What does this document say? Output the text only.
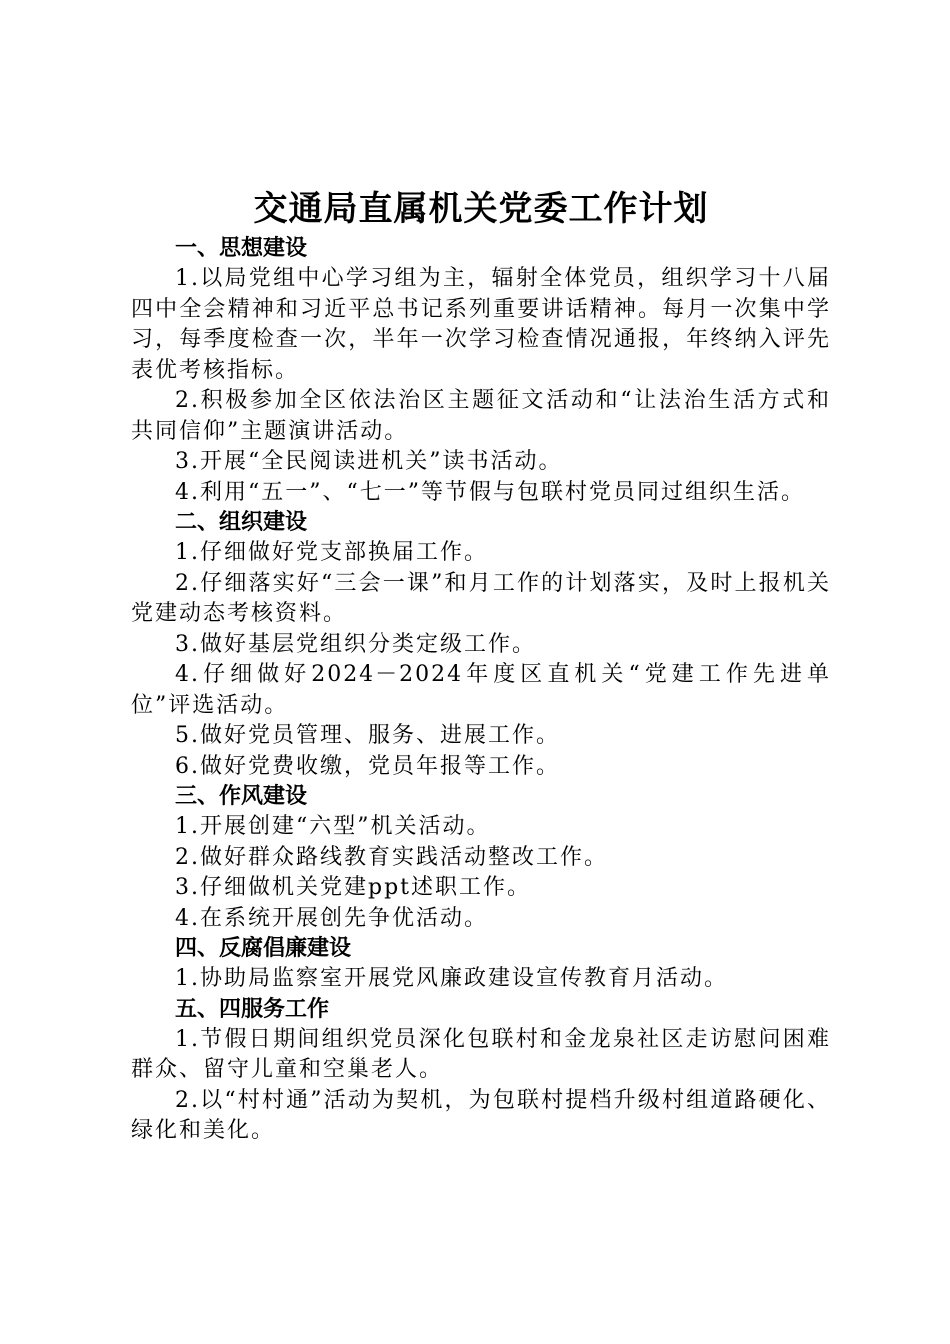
交通局直属机关党委工作计划
一、思想建设

1.以局党组中心学习组为主，辐射全体党员，组织学习十八届四中全会精神和习近平总书记系列重要讲话精神。每月一次集中学习，每季度检查一次，半年一次学习检查情况通报，年终纳入评先表优考核指标。

2.积极参加全区依法治区主题征文活动和“让法治生活方式和共同信仰”主题演讲活动。

3.开展“全民阅读进机关”读书活动。

4.利用“五一”、“七一”等节假与包联村党员同过组织生活。

二、组织建设

1.仔细做好党支部换届工作。

2.仔细落实好“三会一课”和月工作的计划落实，及时上报机关党建动态考核资料。

3.做好基层党组织分类定级工作。

4.仔细做好2024－2024年度区直机关“党建工作先进单位”评选活动。

5.做好党员管理、服务、进展工作。

6.做好党费收缴，党员年报等工作。

三、作风建设

1.开展创建“六型”机关活动。

2.做好群众路线教育实践活动整改工作。

3.仔细做机关党建ppt述职工作。

4.在系统开展创先争优活动。

四、反腐倡廉建设

1.协助局监察室开展党风廉政建设宣传教育月活动。

五、四服务工作

1.节假日期间组织党员深化包联村和金龙泉社区走访慰问困难群众、留守儿童和空巢老人。

2.以“村村通”活动为契机，为包联村提档升级村组道路硬化、绿化和美化。
